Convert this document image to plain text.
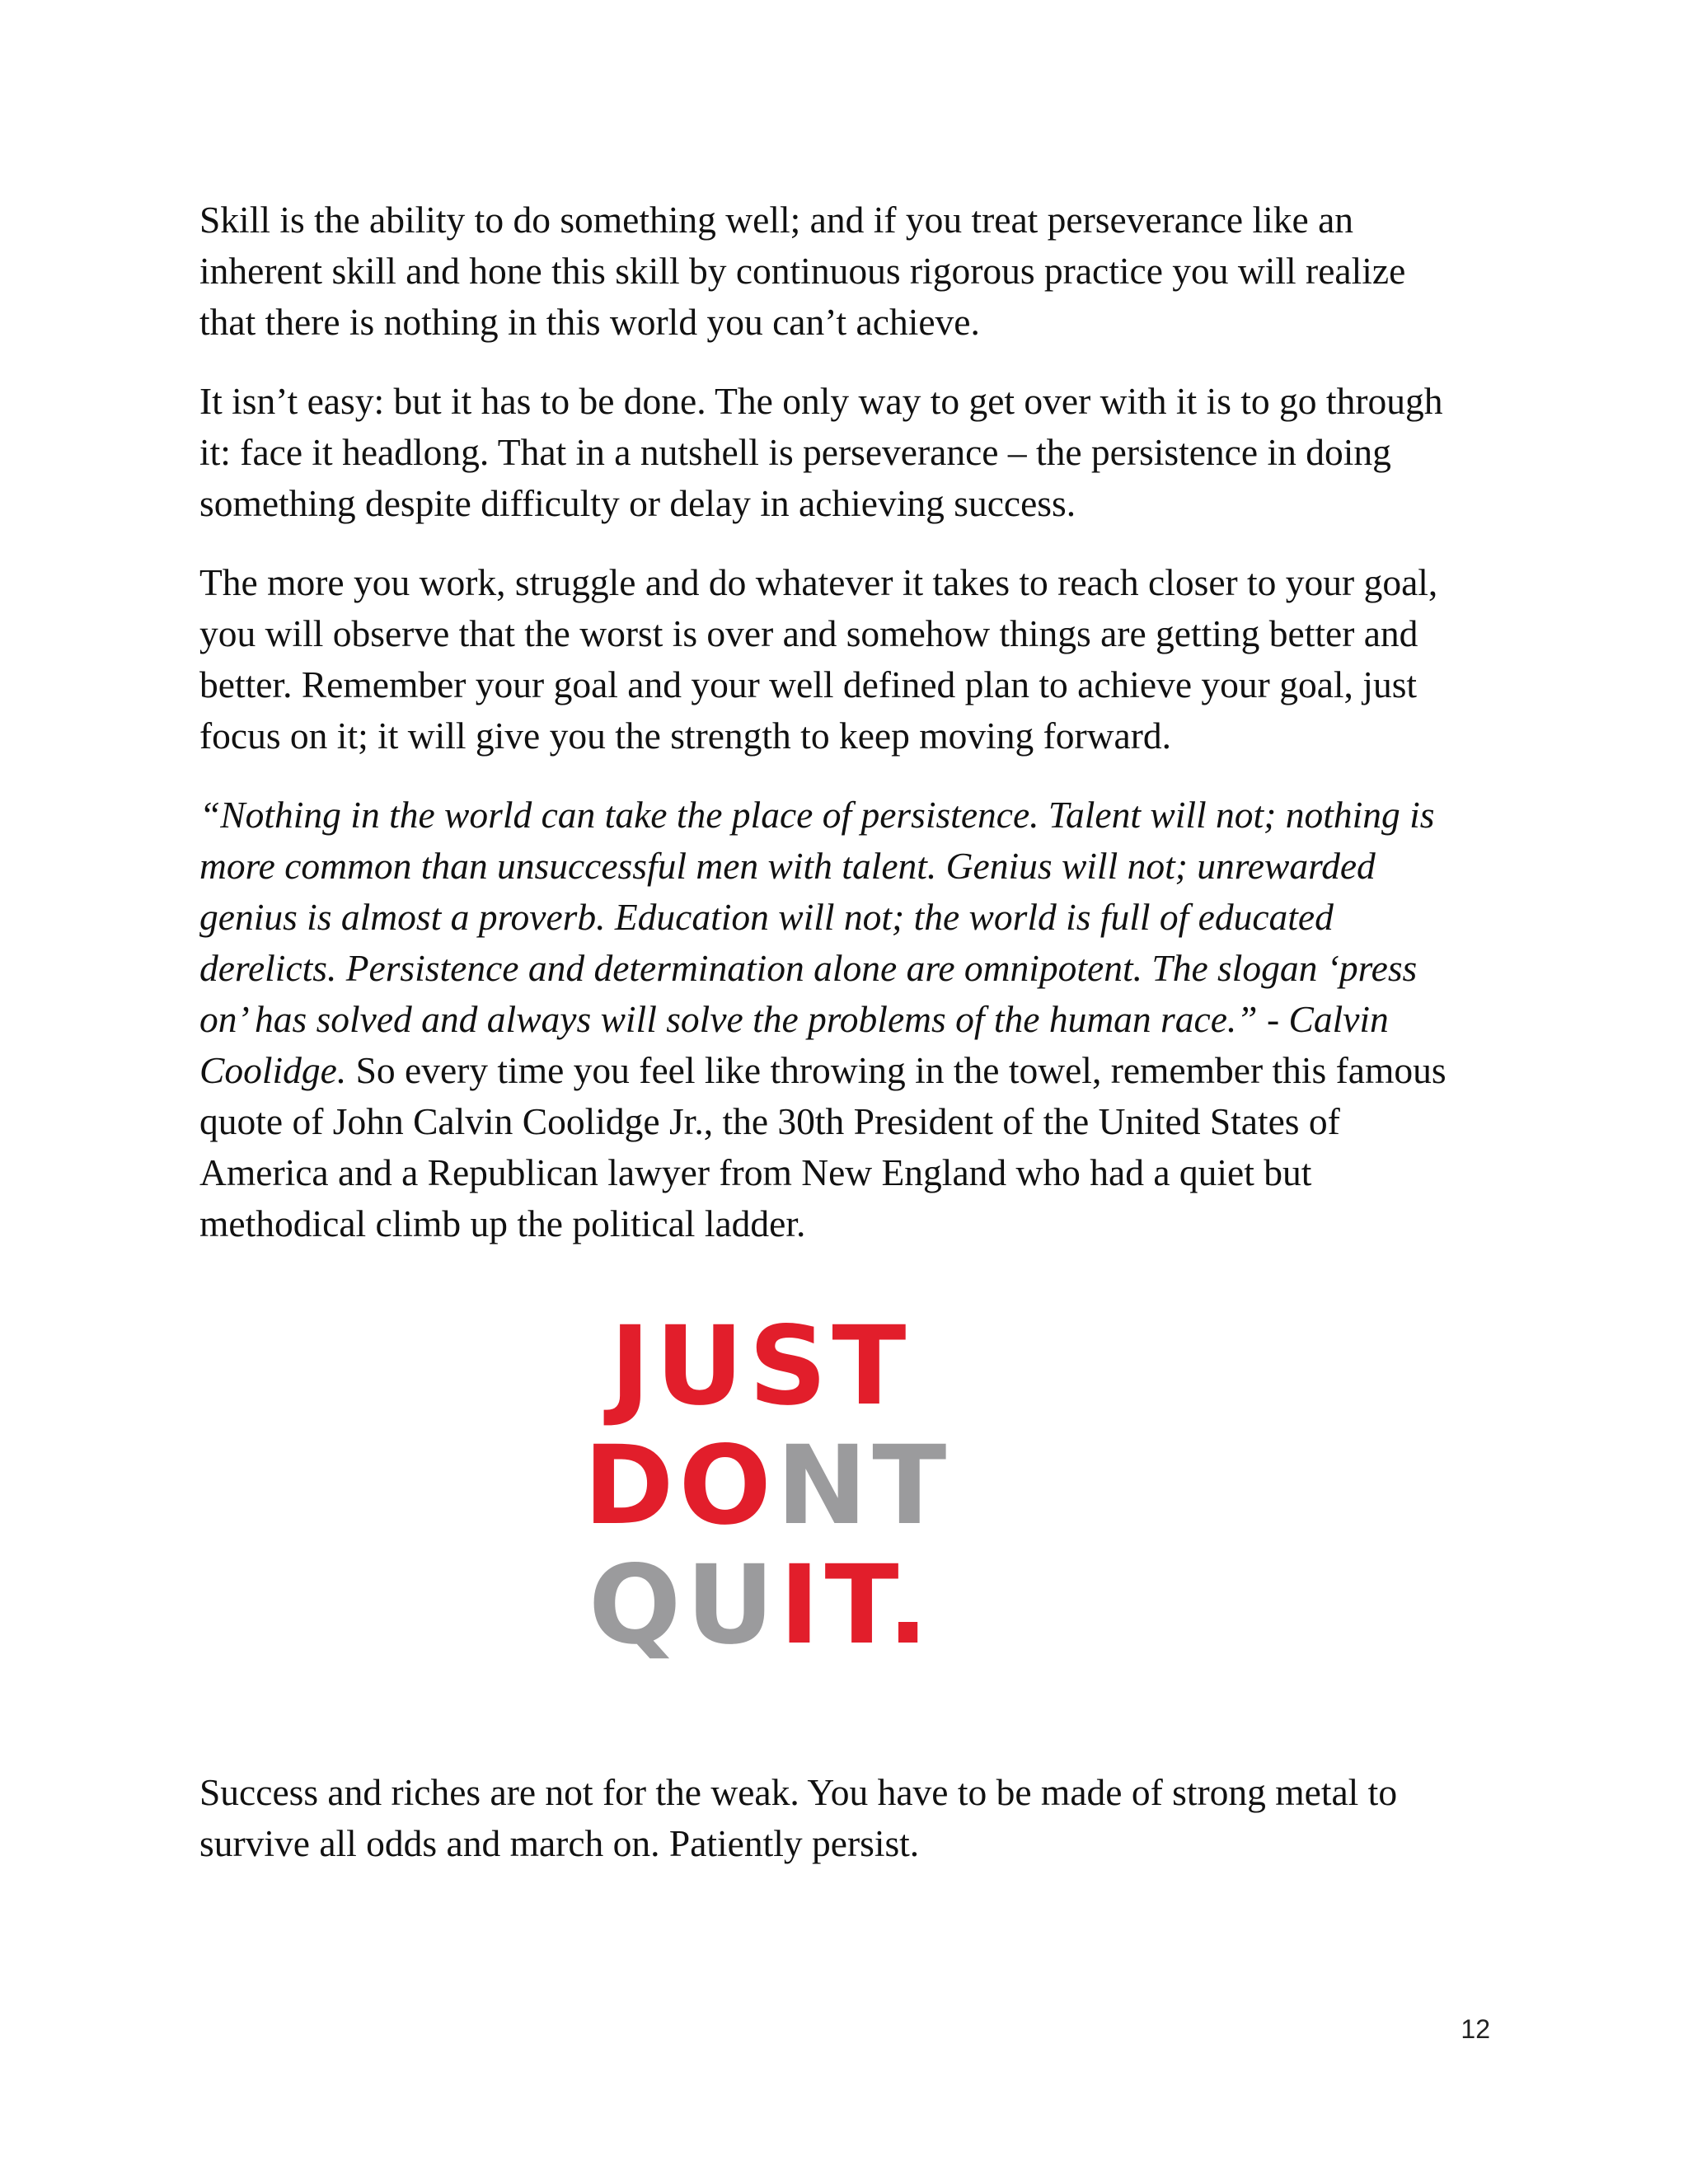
Skill is the ability to do something well; and if you treat perseverance like an
inherent skill and hone this skill by continuous rigorous practice you will realize
that there is nothing in this world you can’t achieve.

It isn’t easy: but it has to be done. The only way to get over with it is to go through
it: face it headlong. That in a nutshell is perseverance – the persistence in doing
something despite difficulty or delay in achieving success.

The more you work, struggle and do whatever it takes to reach closer to your goal,
you will observe that the worst is over and somehow things are getting better and
better. Remember your goal and your well defined plan to achieve your goal, just
focus on it; it will give you the strength to keep moving forward.

“Nothing in the world can take the place of persistence. Talent will not; nothing is
more common than unsuccessful men with talent. Genius will not; unrewarded
genius is almost a proverb. Education will not; the world is full of educated
derelicts. Persistence and determination alone are omnipotent. The slogan ‘press
on’ has solved and always will solve the problems of the human race.” - Calvin
Coolidge. So every time you feel like throwing in the towel, remember this famous
quote of John Calvin Coolidge Jr., the 30th President of the United States of
America and a Republican lawyer from New England who had a quiet but
methodical climb up the political ladder.

JUST
DONT
QUIT.

Success and riches are not for the weak. You have to be made of strong metal to
survive all odds and march on. Patiently persist.

12
